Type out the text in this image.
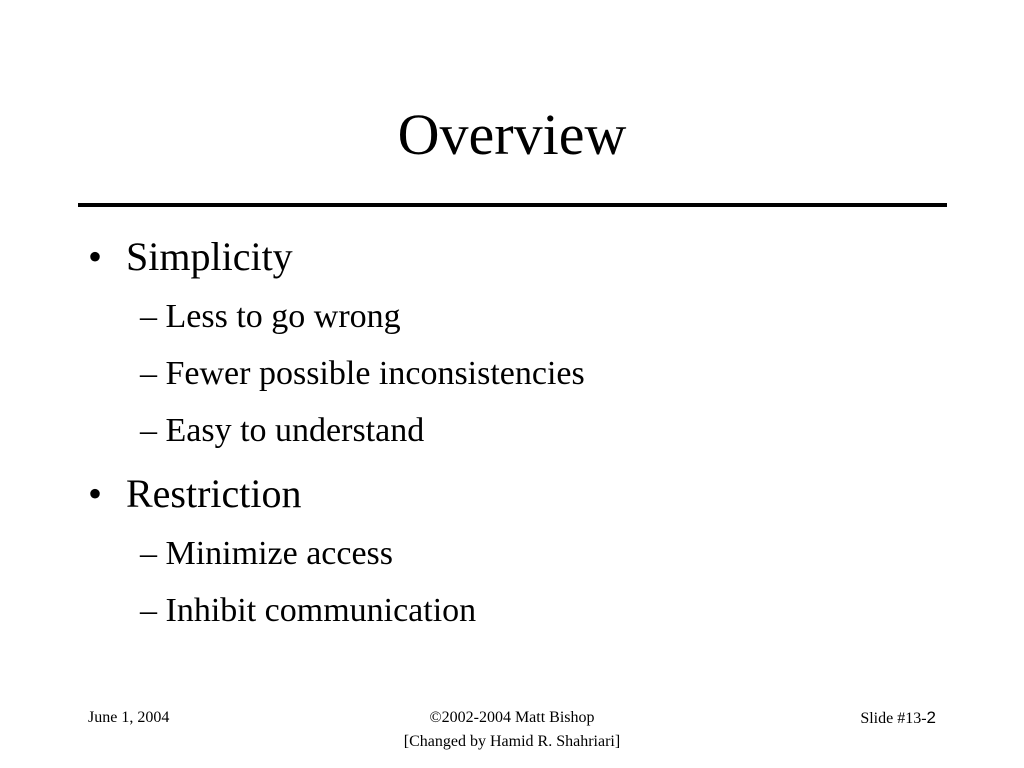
Overview
• Simplicity
– Less to go wrong
– Fewer possible inconsistencies
– Easy to understand
• Restriction
– Minimize access
– Inhibit communication
June 1, 2004	©2002-2004 Matt Bishop
[Changed by Hamid R. Shahriari]
Slide #13-2
